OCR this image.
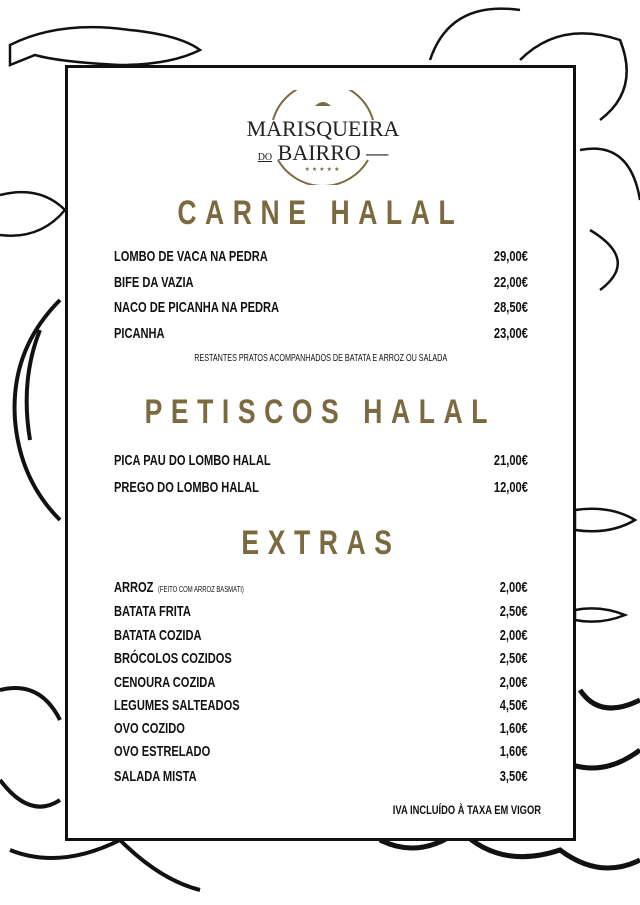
MARISQUEIRA
DO BAIRRO —
★★★★★
CARNE HALAL
LOMBO DE VACA NA PEDRA	29,00€
BIFE DA VAZIA	22,00€
NACO DE PICANHA NA PEDRA	28,50€
PICANHA	23,00€
RESTANTES PRATOS ACOMPANHADOS DE BATATA E ARROZ OU SALADA
PETISCOS HALAL
PICA PAU DO LOMBO HALAL	21,00€
PREGO DO LOMBO HALAL	12,00€
EXTRAS
ARROZ (FEITO COM ARROZ BASMATI)	2,00€
BATATA FRITA	2,50€
BATATA COZIDA	2,00€
BRÓCOLOS COZIDOS	2,50€
CENOURA COZIDA	2,00€
LEGUMES SALTEADOS	4,50€
OVO COZIDO	1,60€
OVO ESTRELADO	1,60€
SALADA MISTA	3,50€
IVA INCLUÍDO À TAXA EM VIGOR
